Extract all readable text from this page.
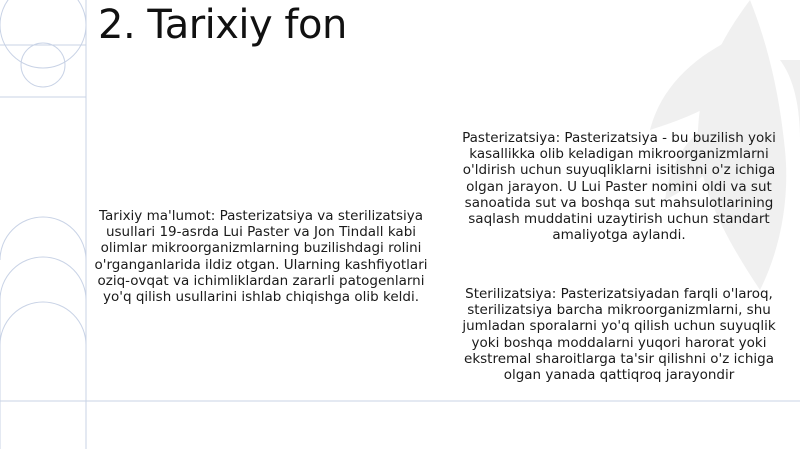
2. Tarixiy fon
Tarixiy ma'lumot: Pasterizatsiya va sterilizatsiya usullari 19-asrda Lui Paster va Jon Tindall kabi olimlar mikroorganizmlarning buzilishdagi rolini o'rganganlarida ildiz otgan. Ularning kashfiyotlari oziq-ovqat va ichimliklardan zararli patogenlarni yo'q qilish usullarini ishlab chiqishga olib keldi.
Pasterizatsiya: Pasterizatsiya - bu buzilish yoki kasallikka olib keladigan mikroorganizmlarni o'ldirish uchun suyuqliklarni isitishni o'z ichiga olgan jarayon. U Lui Paster nomini oldi va sut sanoatida sut va boshqa sut mahsulotlarining saqlash muddatini uzaytirish uchun standart amaliyotga aylandi.
Sterilizatsiya: Pasterizatsiyadan farqli o'laroq, sterilizatsiya barcha mikroorganizmlarni, shu jumladan sporalarni yo'q qilish uchun suyuqlik yoki boshqa moddalarni yuqori harorat yoki ekstremal sharoitlarga ta'sir qilishni o'z ichiga olgan yanada qattiqroq jarayondir
